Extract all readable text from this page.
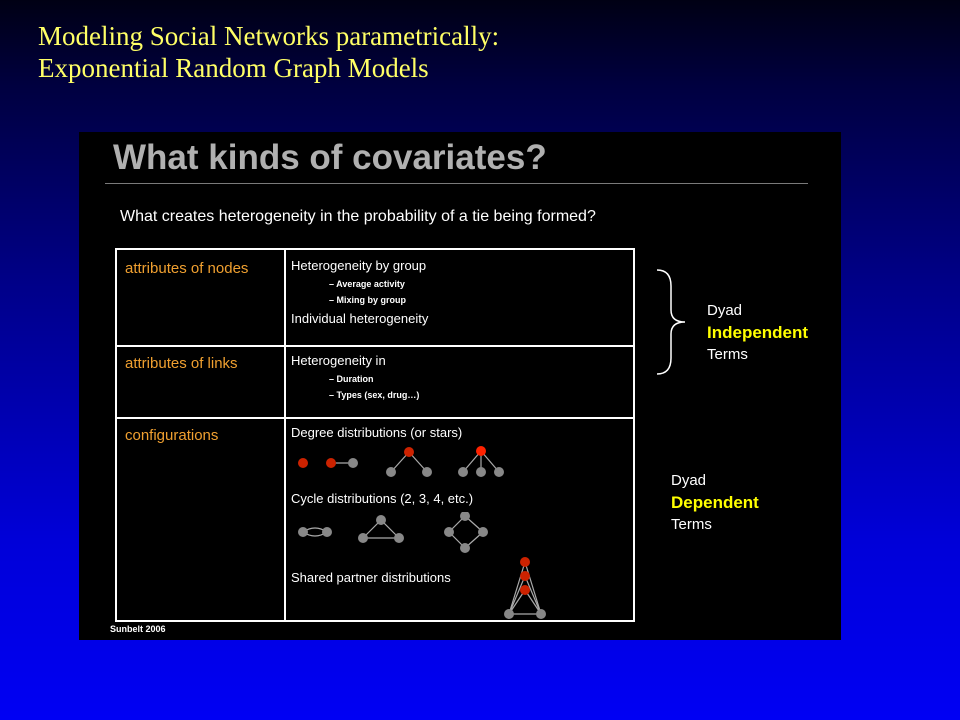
Modeling Social Networks parametrically:
Exponential Random Graph Models
What kinds of covariates?
What creates heterogeneity in the probability of a tie being formed?
attributes of nodes	Heterogeneity by group
– Average activity
– Mixing by group
Individual heterogeneity
attributes of links	Heterogeneity in
– Duration
– Types (sex, drug…)
configurations	Degree distributions (or stars)
Cycle distributions (2, 3, 4, etc.)
Shared partner distributions
Dyad
Independent
Terms
Dyad
Dependent
Terms
Sunbelt 2006
